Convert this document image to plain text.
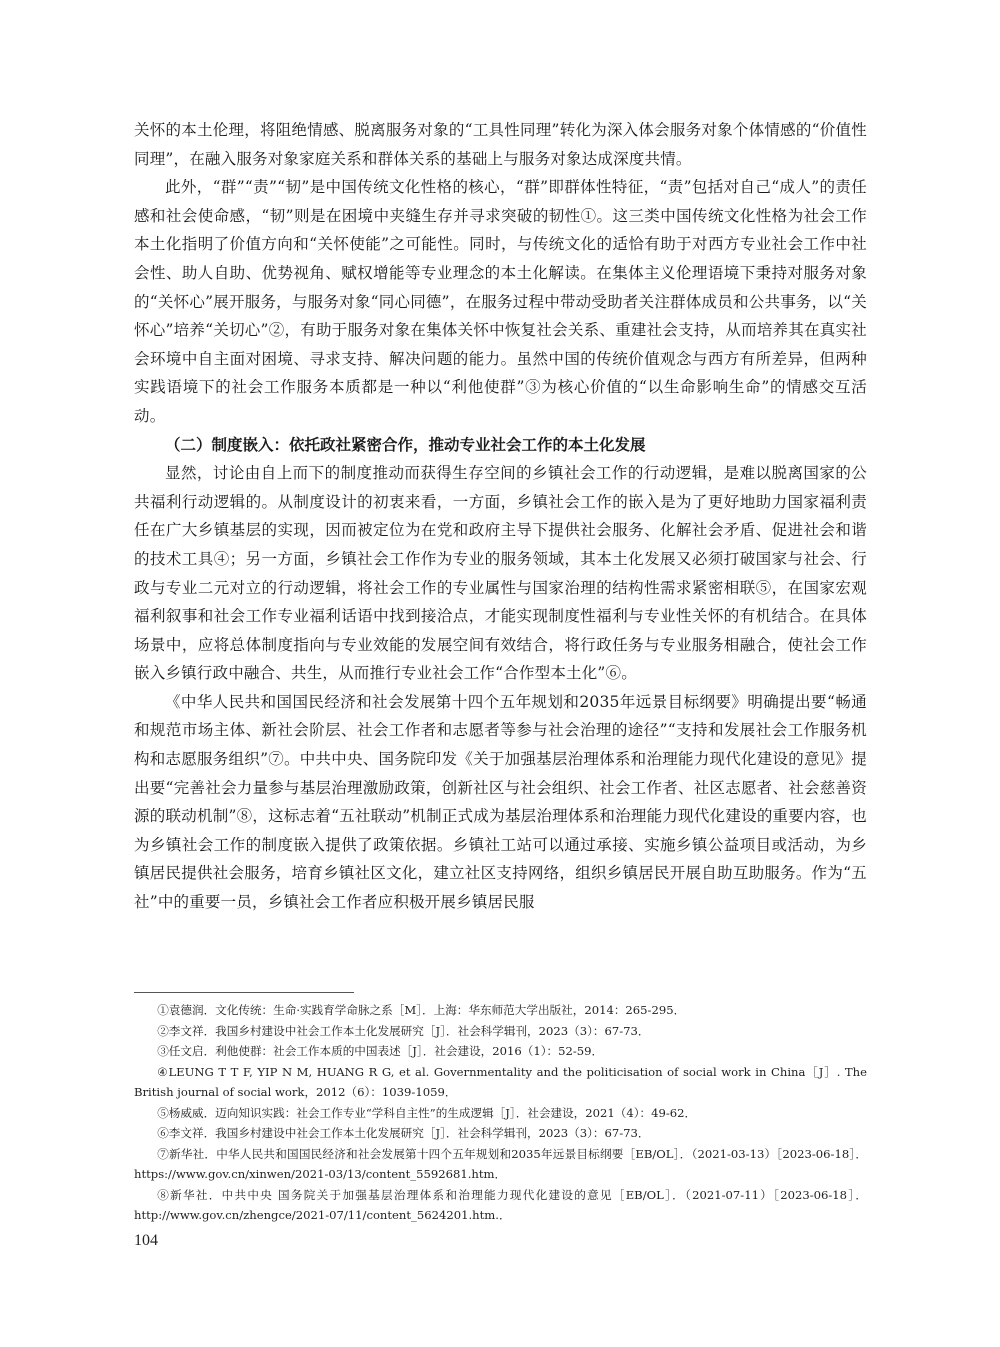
关怀的本土伦理，将阻绝情感、脱离服务对象的“工具性同理”转化为深入体会服务对象个体情感的“价值性同理”，在融入服务对象家庭关系和群体关系的基础上与服务对象达成深度共情。

此外，“群”“责”“韧”是中国传统文化性格的核心，“群”即群体性特征，“责”包括对自己“成人”的责任感和社会使命感，“韧”则是在困境中夹缝生存并寻求突破的韧性①。这三类中国传统文化性格为社会工作本土化指明了价值方向和“关怀使能”之可能性。同时，与传统文化的适恰有助于对西方专业社会工作中社会性、助人自助、优势视角、赋权增能等专业理念的本土化解读。在集体主义伦理语境下秉持对服务对象的“关怀心”展开服务，与服务对象“同心同德”，在服务过程中带动受助者关注群体成员和公共事务，以“关怀心”培养“关切心”②，有助于服务对象在集体关怀中恢复社会关系、重建社会支持，从而培养其在真实社会环境中自主面对困境、寻求支持、解决问题的能力。虽然中国的传统价值观念与西方有所差异，但两种实践语境下的社会工作服务本质都是一种以“利他使群”③为核心价值的“以生命影响生命”的情感交互活动。

（二）制度嵌入：依托政社紧密合作，推动专业社会工作的本土化发展

显然，讨论由自上而下的制度推动而获得生存空间的乡镇社会工作的行动逻辑，是难以脱离国家的公共福利行动逻辑的。从制度设计的初衷来看，一方面，乡镇社会工作的嵌入是为了更好地助力国家福利责任在广大乡镇基层的实现，因而被定位为在党和政府主导下提供社会服务、化解社会矛盾、促进社会和谐的技术工具④；另一方面，乡镇社会工作作为专业的服务领域，其本土化发展又必须打破国家与社会、行政与专业二元对立的行动逻辑，将社会工作的专业属性与国家治理的结构性需求紧密相联⑤，在国家宏观福利叙事和社会工作专业福利话语中找到接洽点，才能实现制度性福利与专业性关怀的有机结合。在具体场景中，应将总体制度指向与专业效能的发展空间有效结合，将行政任务与专业服务相融合，使社会工作嵌入乡镇行政中融合、共生，从而推行专业社会工作“合作型本土化”⑥。

《中华人民共和国国民经济和社会发展第十四个五年规划和2035年远景目标纲要》明确提出要“畅通和规范市场主体、新社会阶层、社会工作者和志愿者等参与社会治理的途径”“支持和发展社会工作服务机构和志愿服务组织”⑦。中共中央、国务院印发《关于加强基层治理体系和治理能力现代化建设的意见》提出要“完善社会力量参与基层治理激励政策，创新社区与社会组织、社会工作者、社区志愿者、社会慈善资源的联动机制”⑧，这标志着“五社联动”机制正式成为基层治理体系和治理能力现代化建设的重要内容，也为乡镇社会工作的制度嵌入提供了政策依据。乡镇社工站可以通过承接、实施乡镇公益项目或活动，为乡镇居民提供社会服务，培育乡镇社区文化，建立社区支持网络，组织乡镇居民开展自助互助服务。作为“五社”中的重要一员，乡镇社会工作者应积极开展乡镇居民服

①袁德润．文化传统：生命·实践育学命脉之系［M］．上海：华东师范大学出版社，2014：265-295．

②李文祥．我国乡村建设中社会工作本土化发展研究［J］．社会科学辑刊，2023（3）：67-73．

③任文启．利他使群：社会工作本质的中国表述［J］．社会建设，2016（1）：52-59．

④LEUNG T T F, YIP N M, HUANG R G, et al. Governmentality and the politicisation of social work in China［J］. The British journal of social work，2012（6）：1039-1059．

⑤杨威威．迈向知识实践：社会工作专业“学科自主性”的生成逻辑［J］．社会建设，2021（4）：49-62．

⑥李文祥．我国乡村建设中社会工作本土化发展研究［J］．社会科学辑刊，2023（3）：67-73．

⑦新华社．中华人民共和国国民经济和社会发展第十四个五年规划和2035年远景目标纲要［EB/OL］．（2021-03-13）［2023-06-18］．https://www.gov.cn/xinwen/2021-03/13/content_5592681.htm．

⑧新华社．中共中央 国务院关于加强基层治理体系和治理能力现代化建设的意见［EB/OL］．（2021-07-11）［2023-06-18］．http://www.gov.cn/zhengce/2021-07/11/content_5624201.htm.．

104
